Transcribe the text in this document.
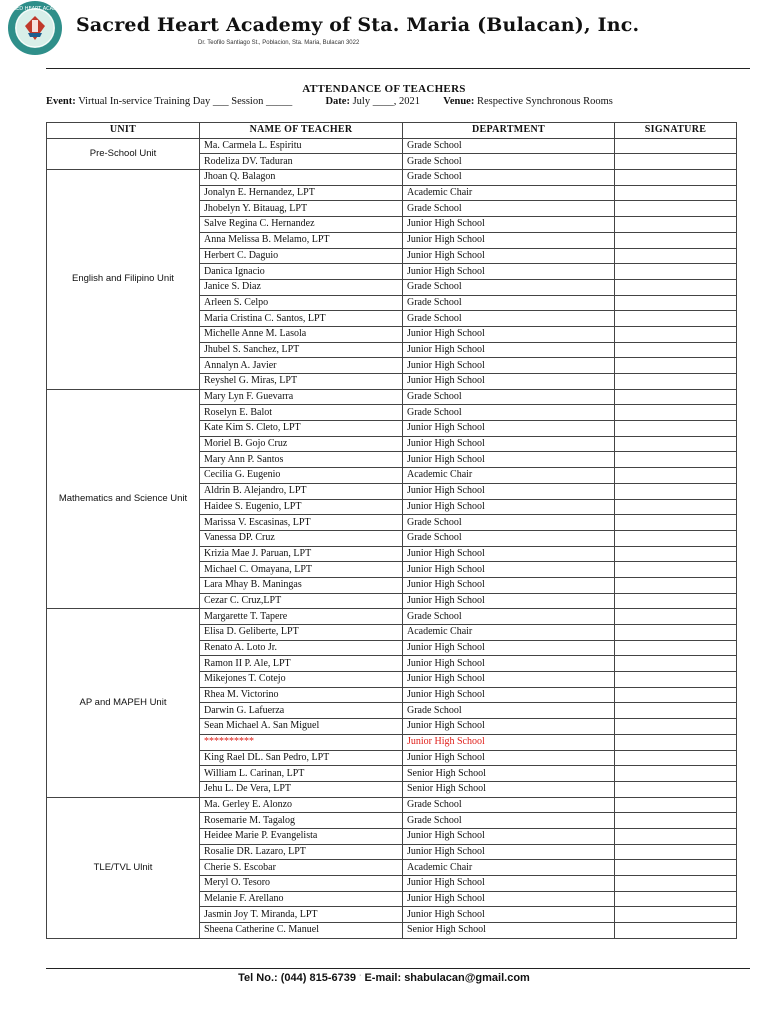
SACRED HEART ACADEMY
Sacred Heart Academy of Sta. Maria (Bulacan), Inc.
Dr. Teofilo Santiago St., Poblacion, Sta. Maria, Bulacan 3022
ATTENDANCE OF TEACHERS
Event: Virtual In-service Training Day ___ Session _____	Date: July ____, 2021 Venue: Respective Synchronous Rooms
UNIT	NAME OF TEACHER	DEPARTMENT	SIGNATURE
Pre-School Unit	Ma. Carmela L. Espiritu	Grade School	
	Rodeliza DV. Taduran	Grade School	
English and Filipino Unit	Jhoan Q. Balagon	Grade School	
	Jonalyn E. Hernandez, LPT	Academic Chair	
	Jhobelyn Y. Bitauag, LPT	Grade School	
	Salve Regina C. Hernandez	Junior High School	
	Anna Melissa B. Melamo, LPT	Junior High School	
	Herbert C. Daguio	Junior High School	
	Danica Ignacio	Junior High School	
	Janice S. Diaz	Grade School	
	Arleen S. Celpo	Grade School	
	Maria Cristina C. Santos, LPT	Grade School	
	Michelle Anne M. Lasola	Junior High School	
	Jhubel S. Sanchez, LPT	Junior High School	
	Annalyn A. Javier	Junior High School	
	Reyshel G. Miras, LPT	Junior High School	
Mathematics and Science Unit	Mary Lyn F. Guevarra	Grade School	
	Roselyn E. Balot	Grade School	
	Kate Kim S. Cleto, LPT	Junior High School	
	Moriel B. Gojo Cruz	Junior High School	
	Mary Ann P. Santos	Junior High School	
	Cecilia G. Eugenio	Academic Chair	
	Aldrin B. Alejandro, LPT	Junior High School	
	Haidee S. Eugenio, LPT	Junior High School	
	Marissa V. Escasinas, LPT	Grade School	
	Vanessa DP. Cruz	Grade School	
	Krizia Mae J. Paruan, LPT	Junior High School	
	Michael C. Omayana, LPT	Junior High School	
	Lara Mhay B. Maningas	Junior High School	
	Cezar C. Cruz,LPT	Junior High School	
AP and MAPEH Unit	Margarette T. Tapere	Grade School	
	Elisa D. Geliberte, LPT	Academic Chair	
	Renato A. Loto Jr.	Junior High School	
	Ramon II P. Ale, LPT	Junior High School	
	Mikejones T. Cotejo	Junior High School	
	Rhea M. Victorino	Junior High School	
	Darwin G. Lafuerza	Grade School	
	Sean Michael A. San Miguel	Junior High School	
	**********	Junior High School	
	King Rael DL. San Pedro, LPT	Junior High School	
	William L. Carinan, LPT	Senior High School	
	Jehu L. De Vera, LPT	Senior High School	
TLE/TVL Ulnit	Ma. Gerley E. Alonzo	Grade School	
	Rosemarie M. Tagalog	Grade School	
	Heidee Marie P. Evangelista	Junior High School	
	Rosalie DR. Lazaro, LPT	Junior High School	
	Cherie S. Escobar	Academic Chair	
	Meryl O. Tesoro	Junior High School	
	Melanie F. Arellano	Junior High School	
	Jasmin Joy T. Miranda, LPT	Junior High School	
	Sheena Catherine C. Manuel	Senior High School	
Tel No.: (044) 815-6739 · E-mail: shabulacan@gmail.com
